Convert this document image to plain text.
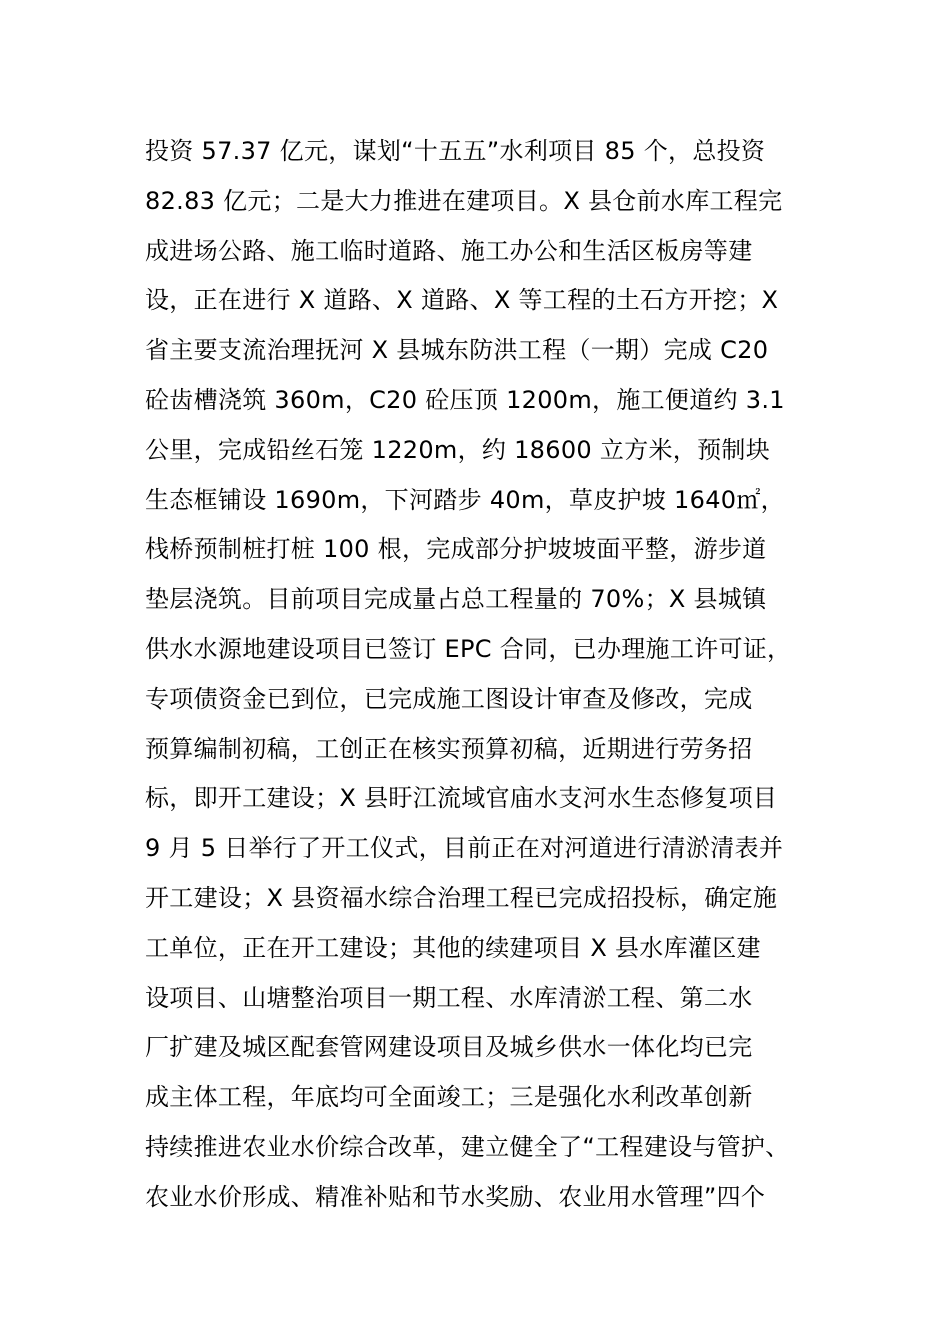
投资 57.37 亿元，谋划“十五五”水利项目 85 个，总投资
82.83 亿元；二是大力推进在建项目。X 县仓前水库工程完
成进场公路、施工临时道路、施工办公和生活区板房等建
设，正在进行 X 道路、X 道路、X 等工程的土石方开挖；X
省主要支流治理抚河 X 县城东防洪工程（一期）完成 C20
砼齿槽浇筑 360m，C20 砼压顶 1200m，施工便道约 3.1
公里，完成铅丝石笼 1220m，约 18600 立方米，预制块
生态框铺设 1690m，下河踏步 40m，草皮护坡 1640㎡，
栈桥预制桩打桩 100 根，完成部分护坡坡面平整，游步道
垫层浇筑。目前项目完成量占总工程量的 70%；X 县城镇
供水水源地建设项目已签订 EPC 合同，已办理施工许可证，
专项债资金已到位，已完成施工图设计审查及修改，完成
预算编制初稿，工创正在核实预算初稿，近期进行劳务招
标，即开工建设；X 县盱江流域官庙水支河水生态修复项目
9 月 5 日举行了开工仪式，目前正在对河道进行清淤清表并
开工建设；X 县资福水综合治理工程已完成招投标，确定施
工单位，正在开工建设；其他的续建项目 X 县水库灌区建
设项目、山塘整治项目一期工程、水库清淤工程、第二水
厂扩建及城区配套管网建设项目及城乡供水一体化均已完
成主体工程，年底均可全面竣工；三是强化水利改革创新
持续推进农业水价综合改革，建立健全了“工程建设与管护、
农业水价形成、精准补贴和节水奖励、农业用水管理”四个
